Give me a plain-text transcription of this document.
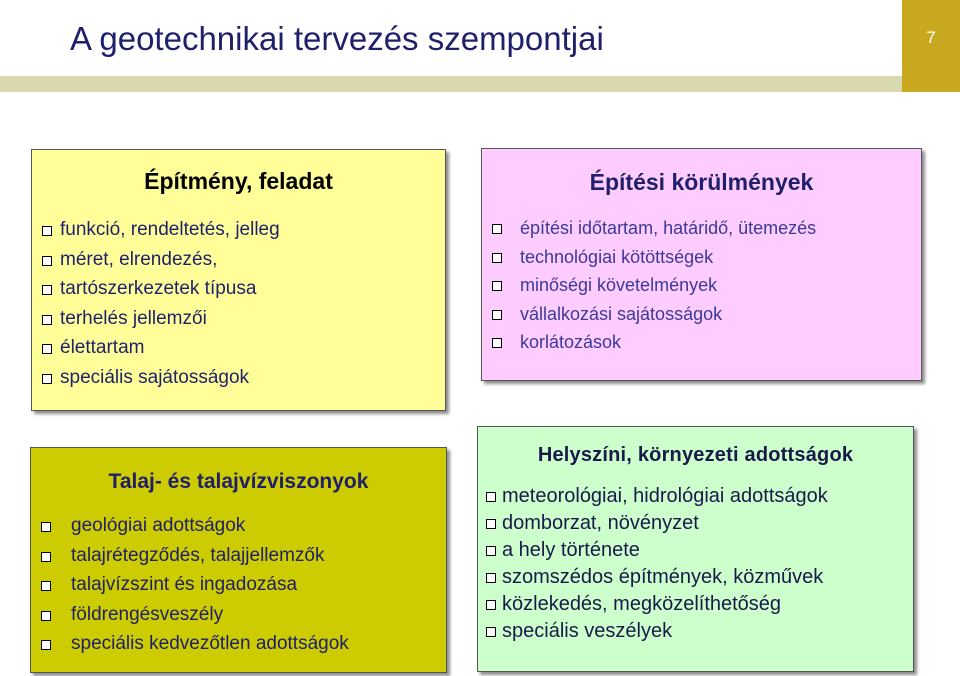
A geotechnikai tervezés szempontjai	7
Építmény, feladat
funkció, rendeltetés, jelleg
méret, elrendezés,
tartószerkezetek típusa
terhelés jellemzői
élettartam
speciális sajátosságok
Építési körülmények
építési időtartam, határidő, ütemezés
technológiai kötöttségek
minőségi követelmények
vállalkozási sajátosságok
korlátozások
Talaj- és talajvízviszonyok
geológiai adottságok
talajrétegződés, talajjellemzők
talajvízszint és ingadozása
földrengésveszély
speciális kedvezőtlen adottságok
Helyszíni, környezeti adottságok
meteorológiai, hidrológiai adottságok
domborzat, növényzet
a hely története
szomszédos építmények, közművek
közlekedés, megközelíthetőség
speciális veszélyek
